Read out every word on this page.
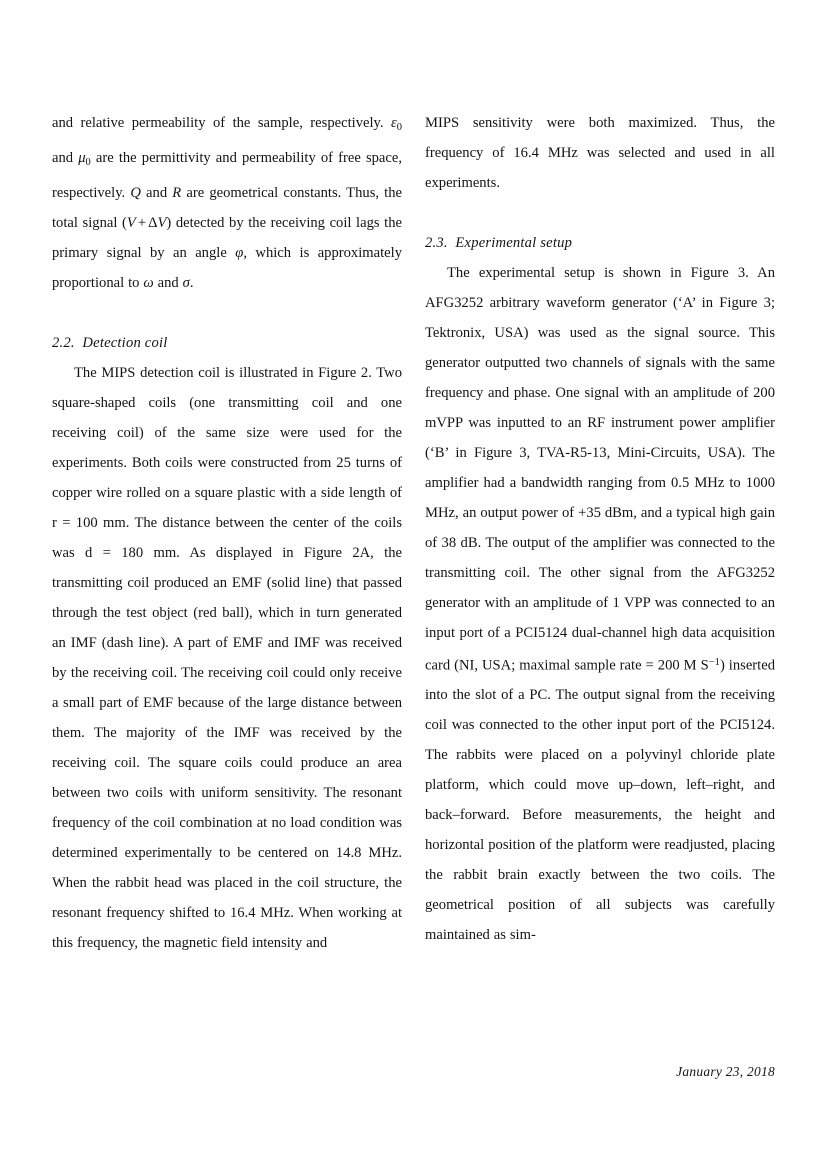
and relative permeability of the sample, respectively. $\varepsilon_0$ and $\mu_0$ are the permittivity and permeability of free space, respectively. Q and R are geometrical constants. Thus, the total signal (V + ΔV) detected by the receiving coil lags the primary signal by an angle φ, which is approximately proportional to ω and σ.

2.2. Detection coil

The MIPS detection coil is illustrated in Figure 2. Two square-shaped coils (one transmitting coil and one receiving coil) of the same size were used for the experiments. Both coils were constructed from 25 turns of copper wire rolled on a square plastic with a side length of r = 100 mm. The distance between the center of the coils was d = 180 mm. As displayed in Figure 2A, the transmitting coil produced an EMF (solid line) that passed through the test object (red ball), which in turn generated an IMF (dash line). A part of EMF and IMF was received by the receiving coil. The receiving coil could only receive a small part of EMF because of the large distance between them. The majority of the IMF was received by the receiving coil. The square coils could produce an area between two coils with uniform sensitivity. The resonant frequency of the coil combination at no load condition was determined experimentally to be centered on 14.8 MHz. When the rabbit head was placed in the coil structure, the resonant frequency shifted to 16.4 MHz. When working at this frequency, the magnetic field intensity and

MIPS sensitivity were both maximized. Thus, the frequency of 16.4 MHz was selected and used in all experiments.

2.3. Experimental setup

The experimental setup is shown in Figure 3. An AFG3252 arbitrary waveform generator (‘A’ in Figure 3; Tektronix, USA) was used as the signal source. This generator outputted two channels of signals with the same frequency and phase. One signal with an amplitude of 200 mVPP was inputted to an RF instrument power amplifier (‘B’ in Figure 3, TVA-R5-13, Mini-Circuits, USA). The amplifier had a bandwidth ranging from 0.5 MHz to 1000 MHz, an output power of +35 dBm, and a typical high gain of 38 dB. The output of the amplifier was connected to the transmitting coil. The other signal from the AFG3252 generator with an amplitude of 1 VPP was connected to an input port of a PCI5124 dual-channel high data acquisition card (NI, USA; maximal sample rate = 200 M $S^{-1}$) inserted into the slot of a PC. The output signal from the receiving coil was connected to the other input port of the PCI5124. The rabbits were placed on a polyvinyl chloride plate platform, which could move up–down, left–right, and back–forward. Before measurements, the height and horizontal position of the platform were readjusted, placing the rabbit brain exactly between the two coils. The geometrical position of all subjects was carefully maintained as sim-

January 23, 2018
